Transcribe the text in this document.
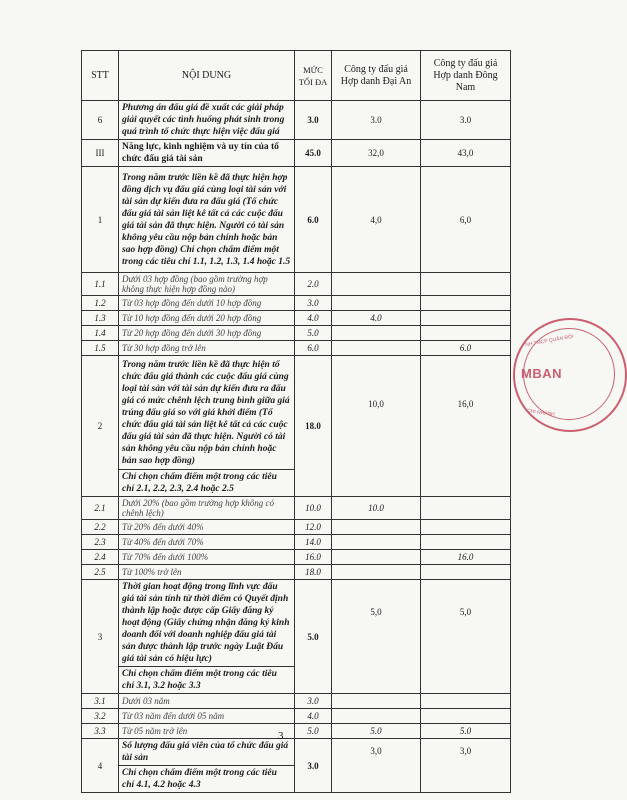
STT	NỘI DUNG	MỨC TỐI ĐA	Công ty đấu giá Hợp danh Đại An	Công ty đấu giá Hợp danh Đông Nam
6	Phương án đấu giá đề xuất các giải pháp giải quyết các tình huống phát sinh trong quá trình tổ chức thực hiện việc đấu giá	3.0	3.0	3.0
III	Năng lực, kinh nghiệm và uy tín của tổ chức đấu giá tài sản	45.0	32,0	43,0
1	Trong năm trước liền kề đã thực hiện hợp đồng dịch vụ đấu giá cùng loại tài sản với tài sản dự kiến đưa ra đấu giá (Tổ chức đấu giá tài sản liệt kê tất cả các cuộc đấu giá tài sản đã thực hiện. Người có tài sản không yêu cầu nộp bản chính hoặc bản sao hợp đồng) Chỉ chọn chấm điểm một trong các tiêu chí 1.1, 1.2, 1.3, 1.4 hoặc 1.5	6.0	4,0	6,0
1.1	Dưới 03 hợp đồng (bao gồm trường hợp không thực hiện hợp đồng nào)	2.0		
1.2	Từ 03 hợp đồng đến dưới 10 hợp đồng	3.0		
1.3	Từ 10 hợp đồng đến dưới 20 hợp đồng	4.0	4.0	
1.4	Từ 20 hợp đồng đến dưới 30 hợp đồng	5.0		
1.5	Từ 30 hợp đồng trở lên	6.0		6.0
2	Trong năm trước liền kề đã thực hiện tổ chức đấu giá thành các cuộc đấu giá cùng loại tài sản với tài sản dự kiến đưa ra đấu giá có mức chênh lệch trung bình giữa giá trúng đấu giá so với giá khởi điểm (Tổ chức đấu giá tài sản liệt kê tất cả các cuộc đấu giá tài sản đã thực hiện. Người có tài sản không yêu cầu nộp bản chính hoặc bản sao hợp đồng)	18.0	10,0	16,0
	Chỉ chọn chấm điểm một trong các tiêu chí 2.1, 2.2, 2.3, 2.4 hoặc 2.5			
2.1	Dưới 20% (bao gồm trường hợp không có chênh lệch)	10.0	10.0	
2.2	Từ 20% đến dưới 40%	12.0		
2.3	Từ 40% đến dưới 70%	14.0		
2.4	Từ 70% đến dưới 100%	16.0		16.0
2.5	Từ 100% trở lên	18.0		
3	Thời gian hoạt động trong lĩnh vực đấu giá tài sản tính từ thời điểm có Quyết định thành lập hoặc được cấp Giấy đăng ký hoạt động (Giấy chứng nhận đăng ký kinh doanh đối với doanh nghiệp đấu giá tài sản được thành lập trước ngày Luật Đấu giá tài sản có hiệu lực)	5.0	5,0	5,0
	Chỉ chọn chấm điểm một trong các tiêu chí 3.1, 3.2 hoặc 3.3			
3.1	Dưới 03 năm	3.0		
3.2	Từ 03 năm đến dưới 05 năm	4.0		
3.3	Từ 05 năm trở lên	5.0	5.0	5.0
4	Số lượng đấu giá viên của tổ chức đấu giá tài sản	3.0	3,0	3,0
	Chỉ chọn chấm điểm một trong các tiêu chí 4.1, 4.2 hoặc 4.3			
3
NH TMCP QUÂN ĐỘI
MBAN
CHI NHÁNH
